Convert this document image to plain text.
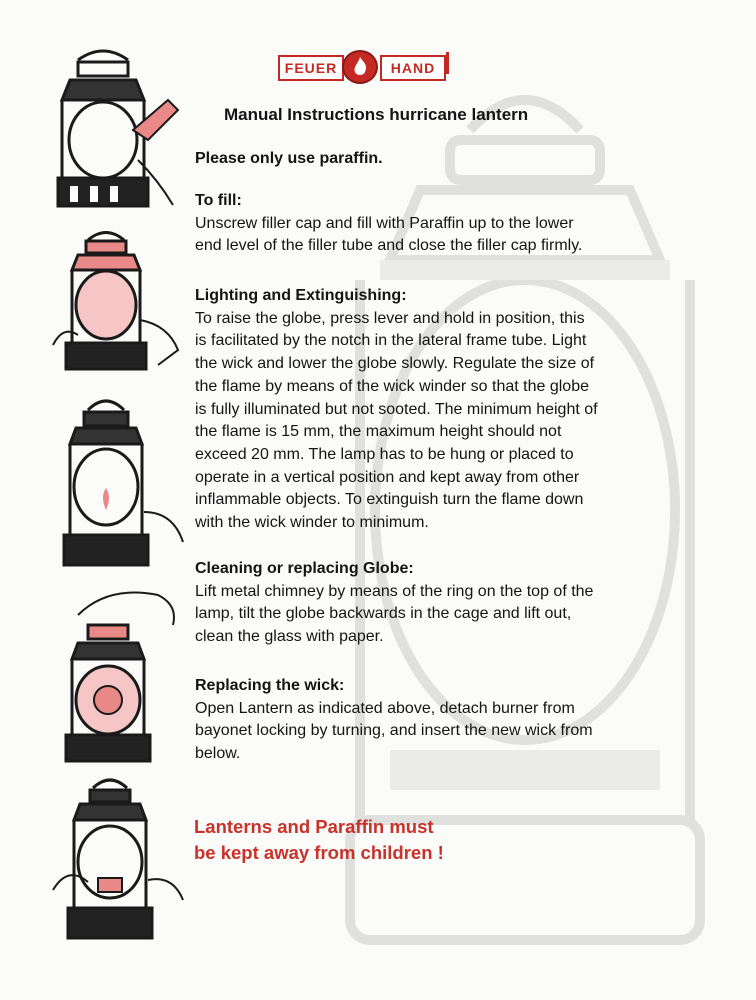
FEUER	HAND
Manual Instructions hurricane lantern
Please only use paraffin.

To fill:

Unscrew filler cap and fill with Paraffin up to the lower
end level of the filler tube and close the filler cap firmly.

Lighting and Extinguishing:

To raise the globe, press lever and hold in position, this
is facilitated by the notch in the lateral frame tube. Light
the wick and lower the globe slowly. Regulate the size of
the flame by means of the wick winder so that the globe
is fully illuminated but not sooted. The minimum height of
the flame is 15 mm, the maximum height should not
exceed 20 mm. The lamp has to be hung or placed to
operate in a vertical position and kept away from other
inflammable objects. To extinguish turn the flame down
with the wick winder to minimum.

Cleaning or replacing Globe:

Lift metal chimney by means of the ring on the top of the
lamp, tilt the globe backwards in the cage and lift out,
clean the glass with paper.

Replacing the wick:

Open Lantern as indicated above, detach burner from
bayonet locking by turning, and insert the new wick from
below.
Lanterns and Paraffin must
be kept away from children !
